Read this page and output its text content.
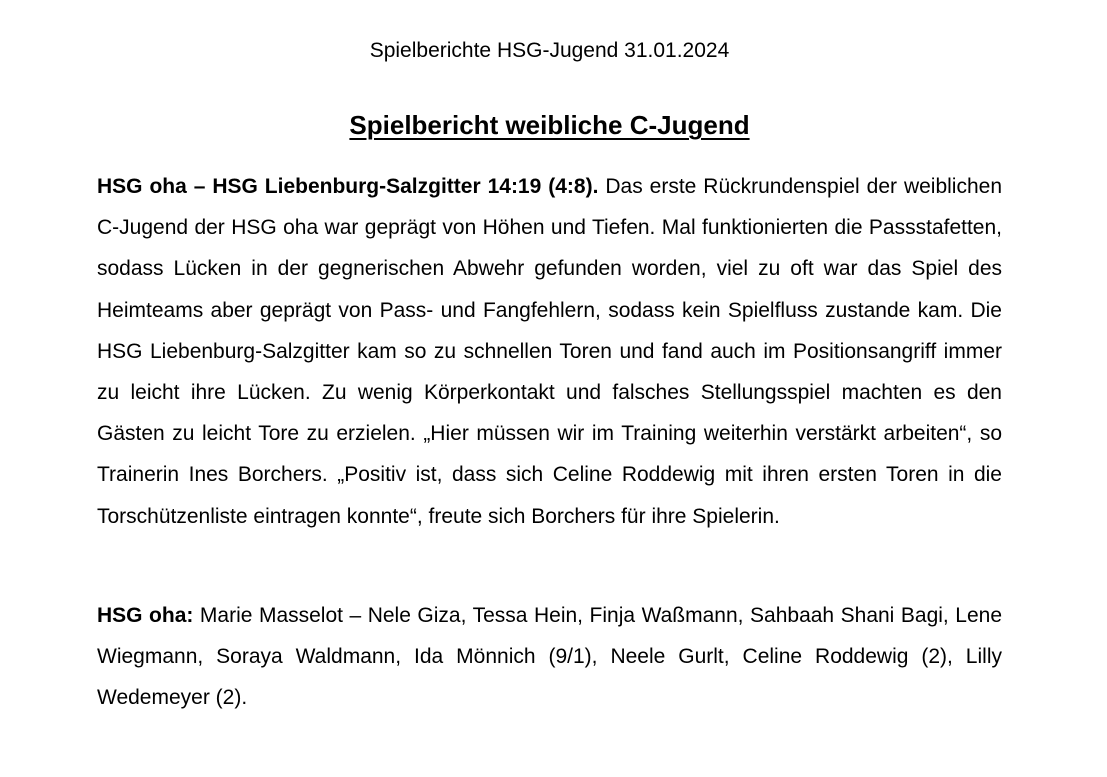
Spielberichte HSG-Jugend 31.01.2024
Spielbericht weibliche C-Jugend

HSG oha – HSG Liebenburg-Salzgitter 14:19 (4:8). Das erste Rückrundenspiel der weiblichen C-Jugend der HSG oha war geprägt von Höhen und Tiefen. Mal funktionierten die Passstafetten, sodass Lücken in der gegnerischen Abwehr gefunden worden, viel zu oft war das Spiel des Heimteams aber geprägt von Pass- und Fangfehlern, sodass kein Spielfluss zustande kam. Die HSG Liebenburg-Salzgitter kam so zu schnellen Toren und fand auch im Positionsangriff immer zu leicht ihre Lücken. Zu wenig Körperkontakt und falsches Stellungsspiel machten es den Gästen zu leicht Tore zu erzielen. „Hier müssen wir im Training weiterhin verstärkt arbeiten“, so Trainerin Ines Borchers. „Positiv ist, dass sich Celine Roddewig mit ihren ersten Toren in die Torschützenliste eintragen konnte“, freute sich Borchers für ihre Spielerin.

HSG oha: Marie Masselot – Nele Giza, Tessa Hein, Finja Waßmann, Sahbaah Shani Bagi, Lene Wiegmann, Soraya Waldmann, Ida Mönnich (9/1), Neele Gurlt, Celine Roddewig (2), Lilly Wedemeyer (2).
